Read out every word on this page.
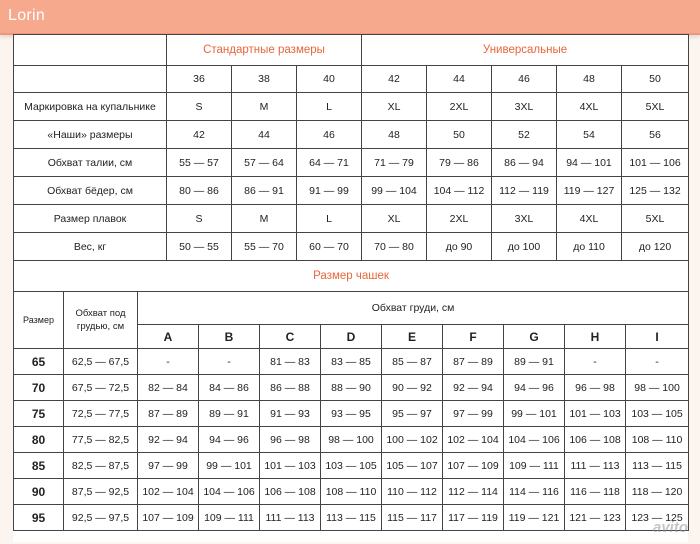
Lorin
	Стандартные размеры			Универсальные				
	36	38	40	42	44	46	48	50
Маркировка на купальнике	S	M	L	XL	2XL	3XL	4XL	5XL
«Наши» размеры	42	44	46	48	50	52	54	56
Обхват талии, см	55 — 57	57 — 64	64 — 71	71 — 79	79 — 86	86 — 94	94 — 101	101 — 106
Обхват бёдер, см	80 — 86	86 — 91	91 — 99	99 — 104	104 — 112	112 — 119	119 — 127	125 — 132
Размер плавок	S	M	L	XL	2XL	3XL	4XL	5XL
Вес, кг	50 — 55	55 — 70	60 — 70	70 — 80	до 90	до 100	до 110	до 120
Размер чашек								
Размер	Обхват под грудью, см	Обхват груди, см								
		A	B	C	D	E	F	G	H	I
65	62,5 — 67,5	-	-	81 — 83	83 — 85	85 — 87	87 — 89	89 — 91	-	-
70	67,5 — 72,5	82 — 84	84 — 86	86 — 88	88 — 90	90 — 92	92 — 94	94 — 96	96 — 98	98 — 100
75	72,5 — 77,5	87 — 89	89 — 91	91 — 93	93 — 95	95 — 97	97 — 99	99 — 101	101 — 103	103 — 105
80	77,5 — 82,5	92 — 94	94 — 96	96 — 98	98 — 100	100 — 102	102 — 104	104 — 106	106 — 108	108 — 110
85	82,5 — 87,5	97 — 99	99 — 101	101 — 103	103 — 105	105 — 107	107 — 109	109 — 111	111 — 113	113 — 115
90	87,5 — 92,5	102 — 104	104 — 106	106 — 108	108 — 110	110 — 112	112 — 114	114 — 116	116 — 118	118 — 120
95	92,5 — 97,5	107 — 109	109 — 111	111 — 113	113 — 115	115 — 117	117 — 119	119 — 121	121 — 123	123 — 125
avito
